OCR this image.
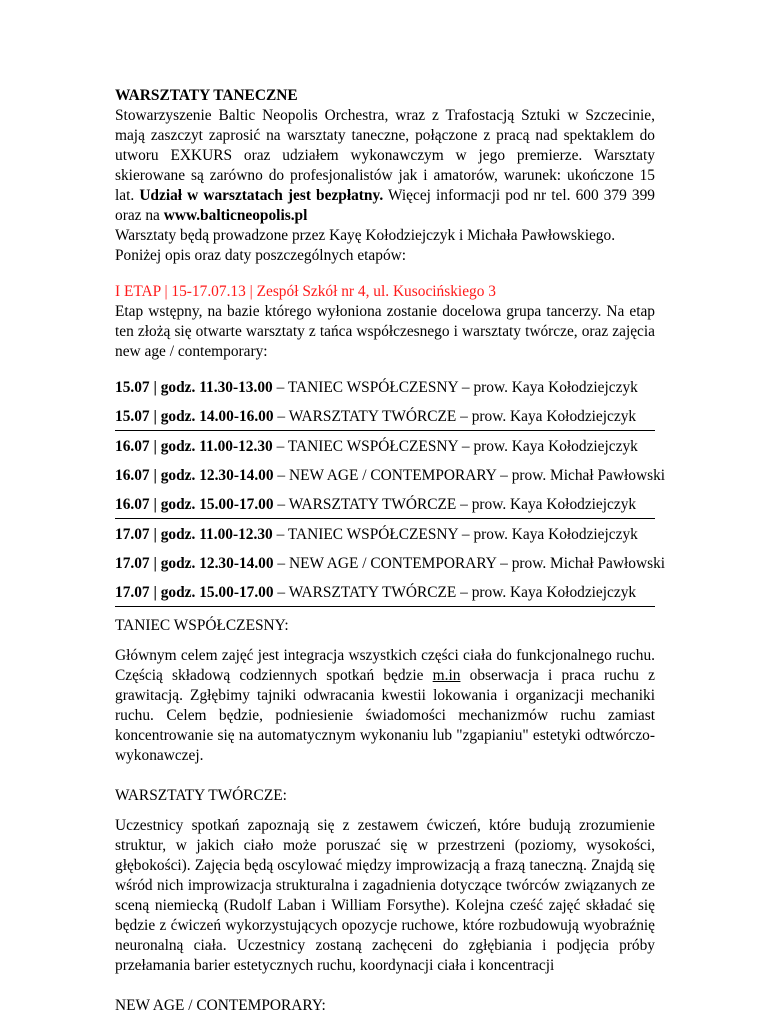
WARSZTATY TANECZNE

Stowarzyszenie Baltic Neopolis Orchestra, wraz z Trafostacją Sztuki w Szczecinie, mają zaszczyt zaprosić na warsztaty taneczne, połączone z pracą nad spektaklem do utworu EXKURS oraz udziałem wykonawczym w jego premierze. Warsztaty skierowane są zarówno do profesjonalistów jak i amatorów, warunek: ukończone 15 lat. Udział w warsztatach jest bezpłatny. Więcej informacji pod nr tel. 600 379 399 oraz na www.balticneopolis.pl

Warsztaty będą prowadzone przez Kayę Kołodziejczyk i Michała Pawłowskiego. Poniżej opis oraz daty poszczególnych etapów:

I ETAP | 15-17.07.13 | Zespół Szkół nr 4, ul. Kusocińskiego 3

Etap wstępny, na bazie którego wyłoniona zostanie docelowa grupa tancerzy. Na etap ten złożą się otwarte warsztaty z tańca współczesnego i warsztaty twórcze, oraz zajęcia new age / contemporary:

15.07 | godz. 11.30-13.00 – TANIEC WSPÓŁCZESNY – prow. Kaya Kołodziejczyk
15.07 | godz. 14.00-16.00 – WARSZTATY TWÓRCZE – prow. Kaya Kołodziejczyk
16.07 | godz. 11.00-12.30 – TANIEC WSPÓŁCZESNY – prow. Kaya Kołodziejczyk
16.07 | godz. 12.30-14.00 – NEW AGE / CONTEMPORARY – prow. Michał Pawłowski
16.07 | godz. 15.00-17.00 – WARSZTATY TWÓRCZE – prow. Kaya Kołodziejczyk
17.07 | godz. 11.00-12.30 – TANIEC WSPÓŁCZESNY – prow. Kaya Kołodziejczyk
17.07 | godz. 12.30-14.00 – NEW AGE / CONTEMPORARY – prow. Michał Pawłowski
17.07 | godz. 15.00-17.00 – WARSZTATY TWÓRCZE – prow. Kaya Kołodziejczyk

TANIEC WSPÓŁCZESNY:

Głównym celem zajęć jest integracja wszystkich części ciała do funkcjonalnego ruchu. Częścią składową codziennych spotkań będzie m.in obserwacja i praca ruchu z grawitacją. Zgłębimy tajniki odwracania kwestii lokowania i organizacji mechaniki ruchu. Celem będzie, podniesienie świadomości mechanizmów ruchu zamiast koncentrowanie się na automatycznym wykonaniu lub "zgapianiu" estetyki odtwórczo-wykonawczej.

WARSZTATY TWÓRCZE:

Uczestnicy spotkań zapoznają się z zestawem ćwiczeń, które budują zrozumienie struktur, w jakich ciało może poruszać się w przestrzeni (poziomy, wysokości, głębokości). Zajęcia będą oscylować między improwizacją a frazą taneczną. Znajdą się wśród nich improwizacja strukturalna i zagadnienia dotyczące twórców związanych ze sceną niemiecką (Rudolf Laban i William Forsythe). Kolejna cześć zajęć składać się będzie z ćwiczeń wykorzystujących opozycje ruchowe, które rozbudowują wyobraźnię neuronalną ciała. Uczestnicy zostaną zachęceni do zgłębiania i podjęcia próby przełamania barier estetycznych ruchu, koordynacji ciała i koncentracji

NEW AGE / CONTEMPORARY:
